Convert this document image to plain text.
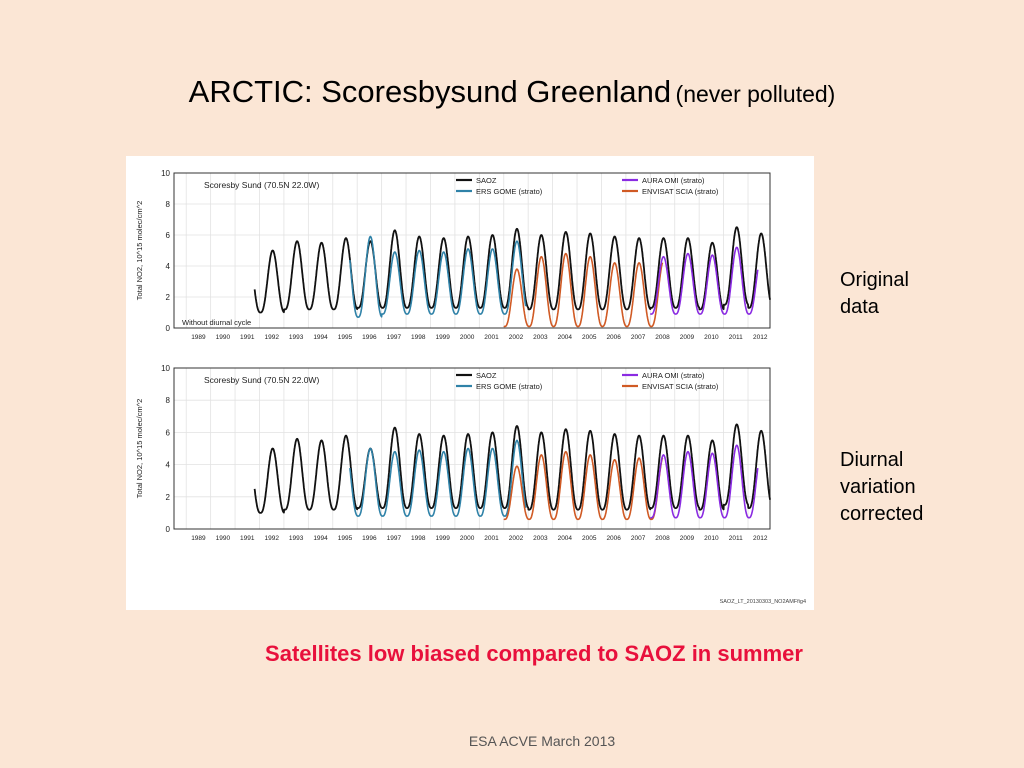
ARCTIC: Scoresbysund Greenland (never polluted)
0
2
4
6
8
10
1989 1990 1991 1992 1993 1994 1995 1996 1997 1998 1999 2000 2001 2002 2003 2004 2005 2006 2007 2008 2009 2010 2011 2012
Total NO2, 10^15 molec/cm^2
Scoresby Sund (70.5N 22.0W)
Without diurnal cycle
SAOZ
ERS GOME (strato)
AURA OMI (strato)
ENVISAT SCIA (strato)
0
2
4
6
8
10
1989 1990 1991 1992 1993 1994 1995 1996 1997 1998 1999 2000 2001 2002 2003 2004 2005 2006 2007 2008 2009 2010 2011 2012
Total NO2, 10^15 molec/cm^2
Scoresby Sund (70.5N 22.0W)	SAOZ
ERS GOME (strato)
AURA OMI (strato)
ENVISAT SCIA (strato)
SAOZ_LT_20130303_NO2AMFfig4
Original
data
Diurnal
variation
corrected
Satellites low biased compared to SAOZ in summer
ESA ACVE March 2013
